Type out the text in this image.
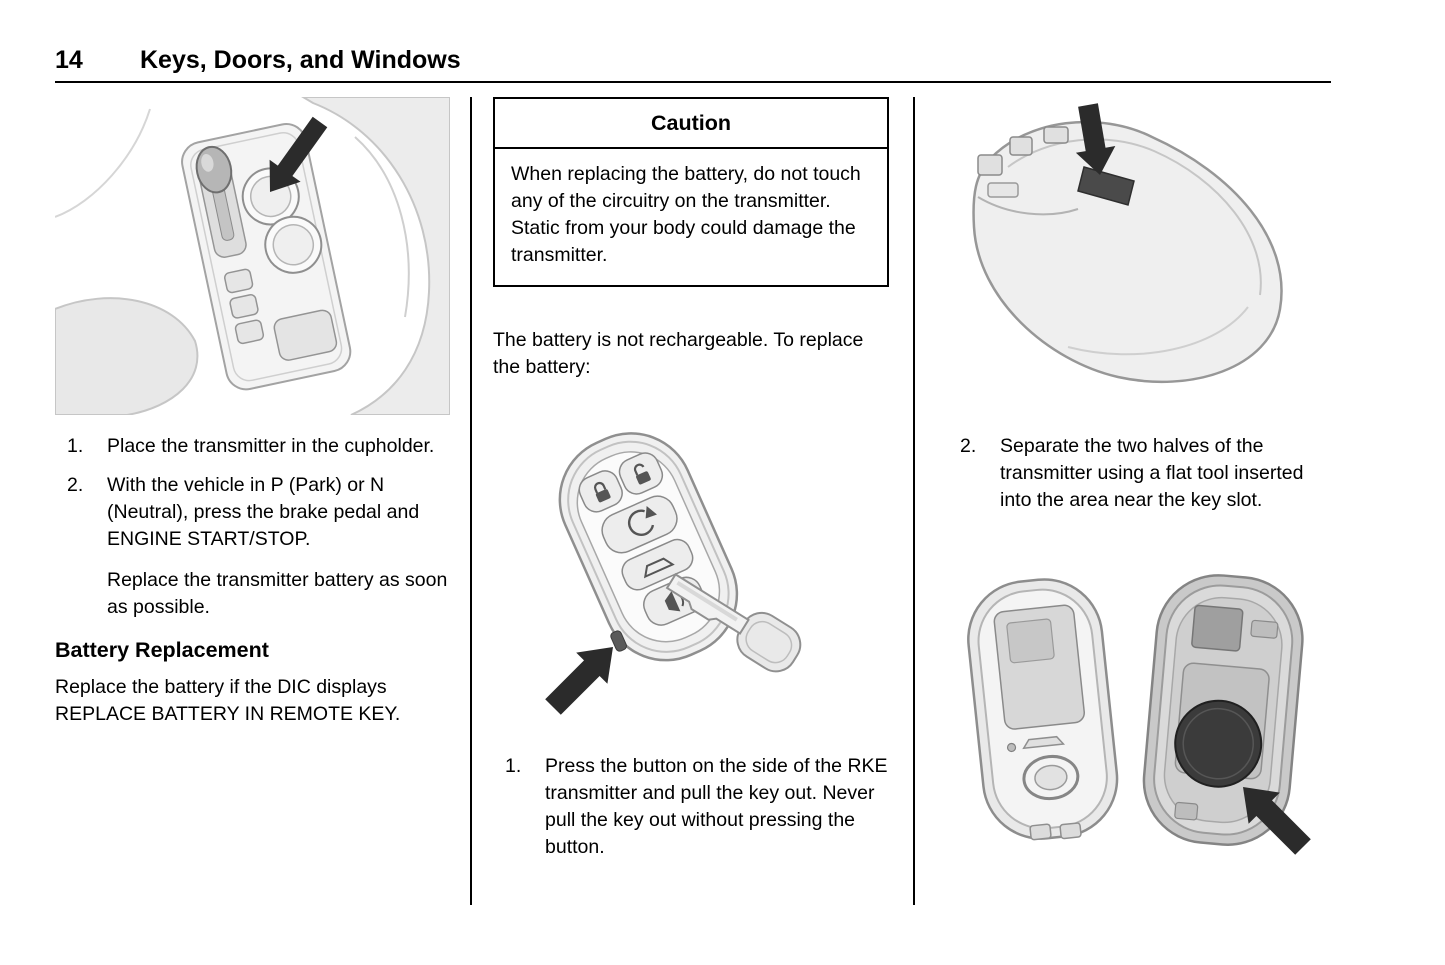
14	Keys, Doors, and Windows
1.	Place the transmitter in the cupholder.
2.	With the vehicle in P (Park) or N (Neutral), press the brake pedal and ENGINE START/STOP.
Replace the transmitter battery as soon as possible.
Battery Replacement
Replace the battery if the DIC displays REPLACE BATTERY IN REMOTE KEY.
Caution
When replacing the battery, do not touch any of the circuitry on the transmitter. Static from your body could damage the transmitter.
The battery is not rechargeable. To replace the battery:
1.	Press the button on the side of the RKE transmitter and pull the key out. Never pull the key out without pressing the button.
2.	Separate the two halves of the transmitter using a flat tool inserted into the area near the key slot.
